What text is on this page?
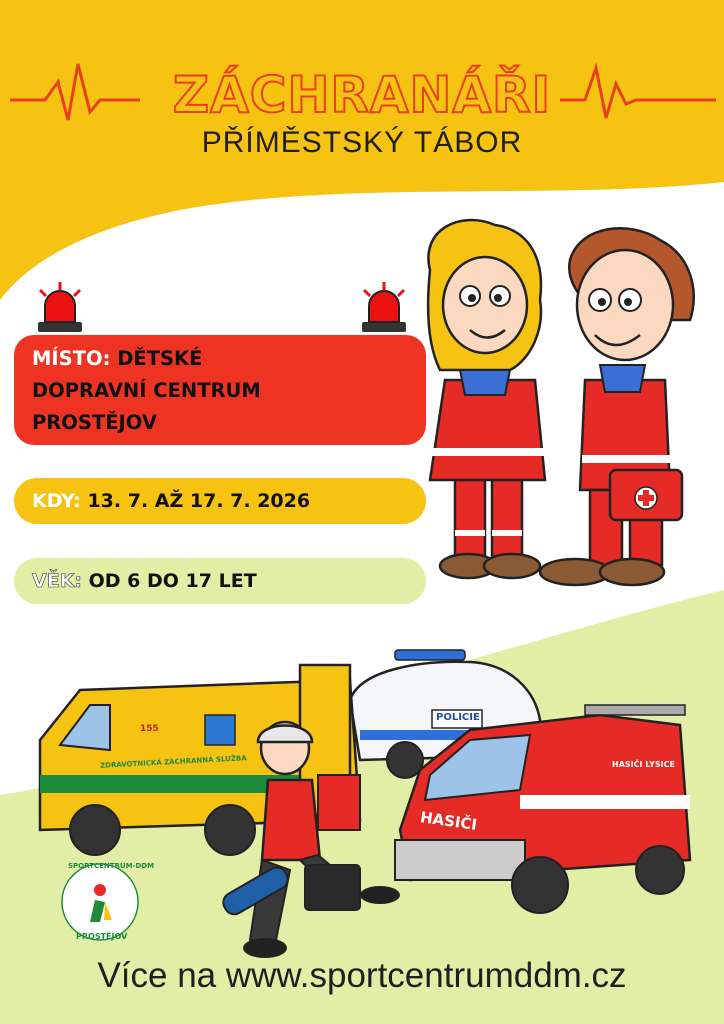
155
ZDRAVOTNICKÁ ZÁCHRANNÁ SLUŽBA
POLICIE
HASIČI
HASIČI LYSICE
SPORTCENTRUM-DDM
PROSTĚJOV
ZÁCHRANÁŘI
PŘÍMĚSTSKÝ TÁBOR
MÍSTO: DĚTSKÉ
DOPRAVNÍ CENTRUM
PROSTĚJOV
KDY: 13. 7. AŽ 17. 7. 2026
VĚK: OD 6 DO 17 LET
Více na www.sportcentrumddm.cz
